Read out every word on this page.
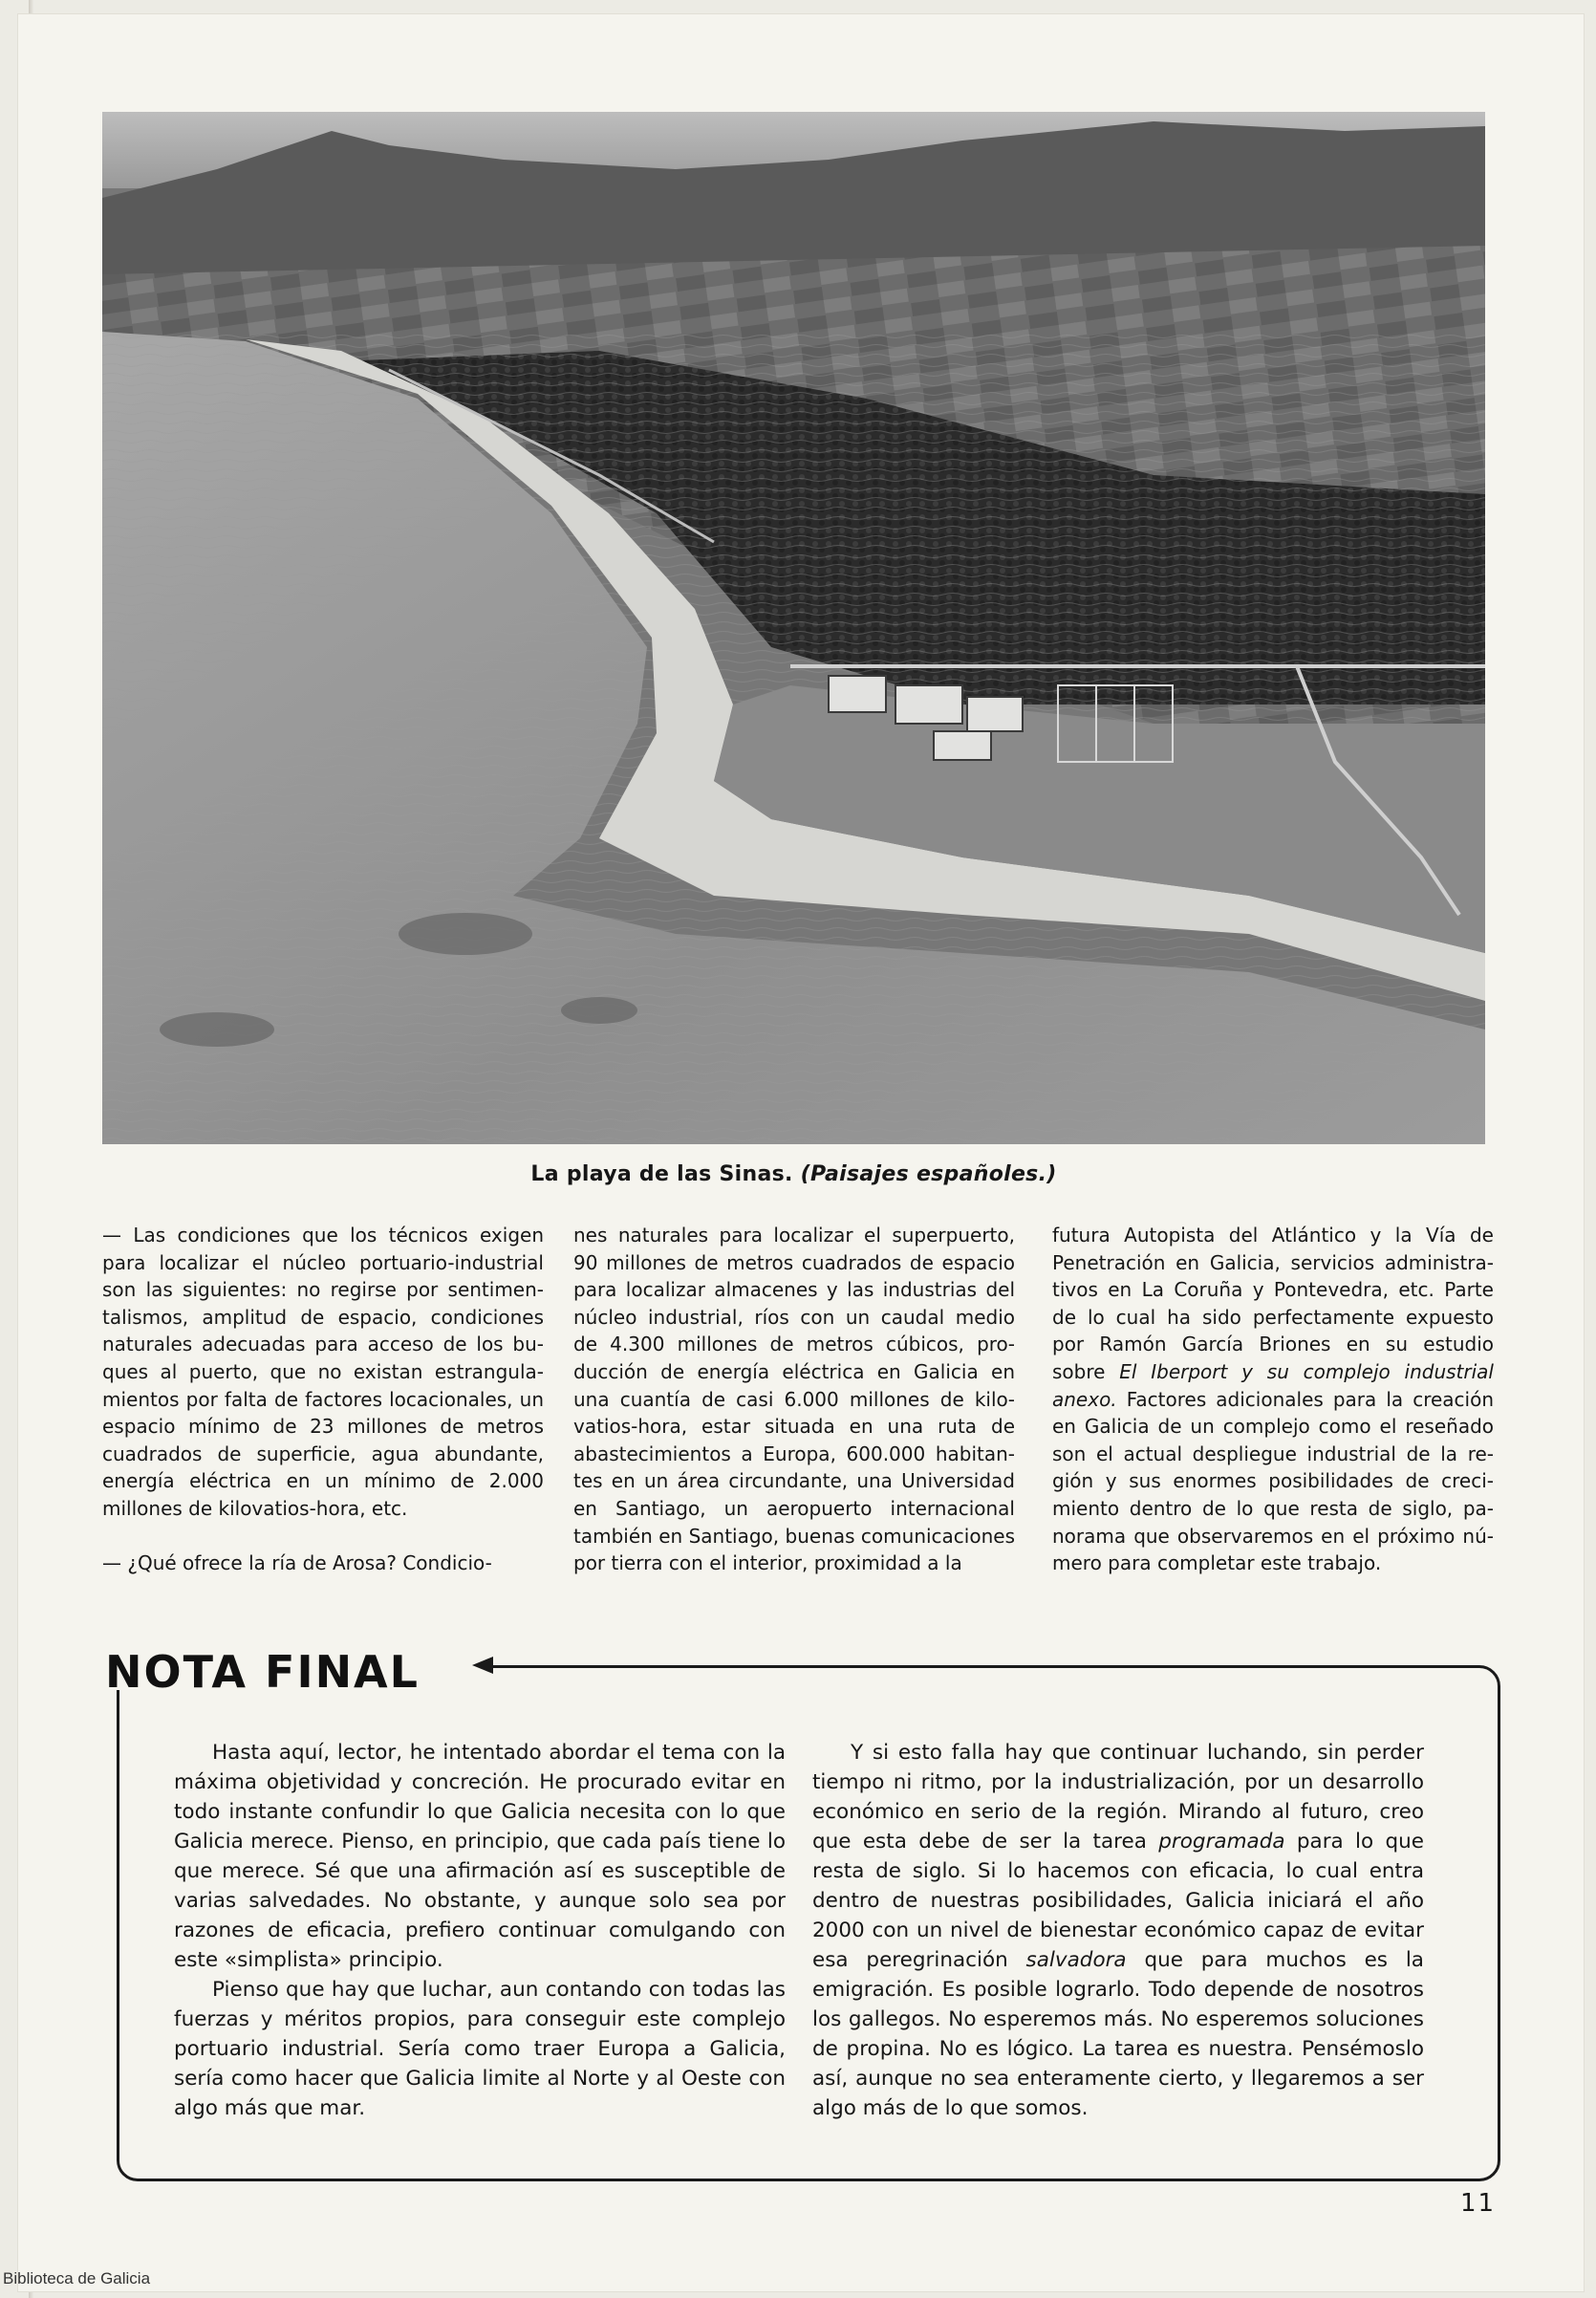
La playa de las Sinas. (Paisajes españoles.)

— Las condiciones que los técnicos exigen para localizar el núcleo portuario-industrial son las siguientes: no regirse por sentimentalismos, amplitud de espacio, condiciones naturales adecuadas para acceso de los buques al puerto, que no existan estrangulamientos por falta de factores locacionales, un espacio mínimo de 23 millones de metros cuadrados de superficie, agua abundante, energía eléctrica en un mínimo de 2.000 millones de kilovatios-hora, etc.

— ¿Qué ofrece la ría de Arosa? Condicio-

nes naturales para localizar el superpuerto, 90 millones de metros cuadrados de espacio para localizar almacenes y las industrias del núcleo industrial, ríos con un caudal medio de 4.300 millones de metros cúbicos, producción de energía eléctrica en Galicia en una cuantía de casi 6.000 millones de kilovatios-hora, estar situada en una ruta de abastecimientos a Europa, 600.000 habitantes en un área circundante, una Universidad en Santiago, un aeropuerto internacional también en Santiago, buenas comunicaciones por tierra con el interior, proximidad a la

futura Autopista del Atlántico y la Vía de Penetración en Galicia, servicios administrativos en La Coruña y Pontevedra, etc. Parte de lo cual ha sido perfectamente expuesto por Ramón García Briones en su estudio sobre El Iberport y su complejo industrial anexo. Factores adicionales para la creación en Galicia de un complejo como el reseñado son el actual despliegue industrial de la región y sus enormes posibilidades de crecimiento dentro de lo que resta de siglo, panorama que observaremos en el próximo número para completar este trabajo.

NOTA FINAL

Hasta aquí, lector, he intentado abordar el tema con la máxima objetividad y concreción. He procurado evitar en todo instante confundir lo que Galicia necesita con lo que Galicia merece. Pienso, en principio, que cada país tiene lo que merece. Sé que una afirmación así es susceptible de varias salvedades. No obstante, y aunque solo sea por razones de eficacia, prefiero continuar comulgando con este «simplista» principio.

Pienso que hay que luchar, aun contando con todas las fuerzas y méritos propios, para conseguir este complejo portuario industrial. Sería como traer Europa a Galicia, sería como hacer que Galicia limite al Norte y al Oeste con algo más que mar.

Y si esto falla hay que continuar luchando, sin perder tiempo ni ritmo, por la industrialización, por un desarrollo económico en serio de la región. Mirando al futuro, creo que esta debe de ser la tarea programada para lo que resta de siglo. Si lo hacemos con eficacia, lo cual entra dentro de nuestras posibilidades, Galicia iniciará el año 2000 con un nivel de bienestar económico capaz de evitar esa peregrinación salvadora que para muchos es la emigración. Es posible lograrlo. Todo depende de nosotros los gallegos. No esperemos más. No esperemos soluciones de propina. No es lógico. La tarea es nuestra. Pensémoslo así, aunque no sea enteramente cierto, y llegaremos a ser algo más de lo que somos.

11
Biblioteca de Galicia
